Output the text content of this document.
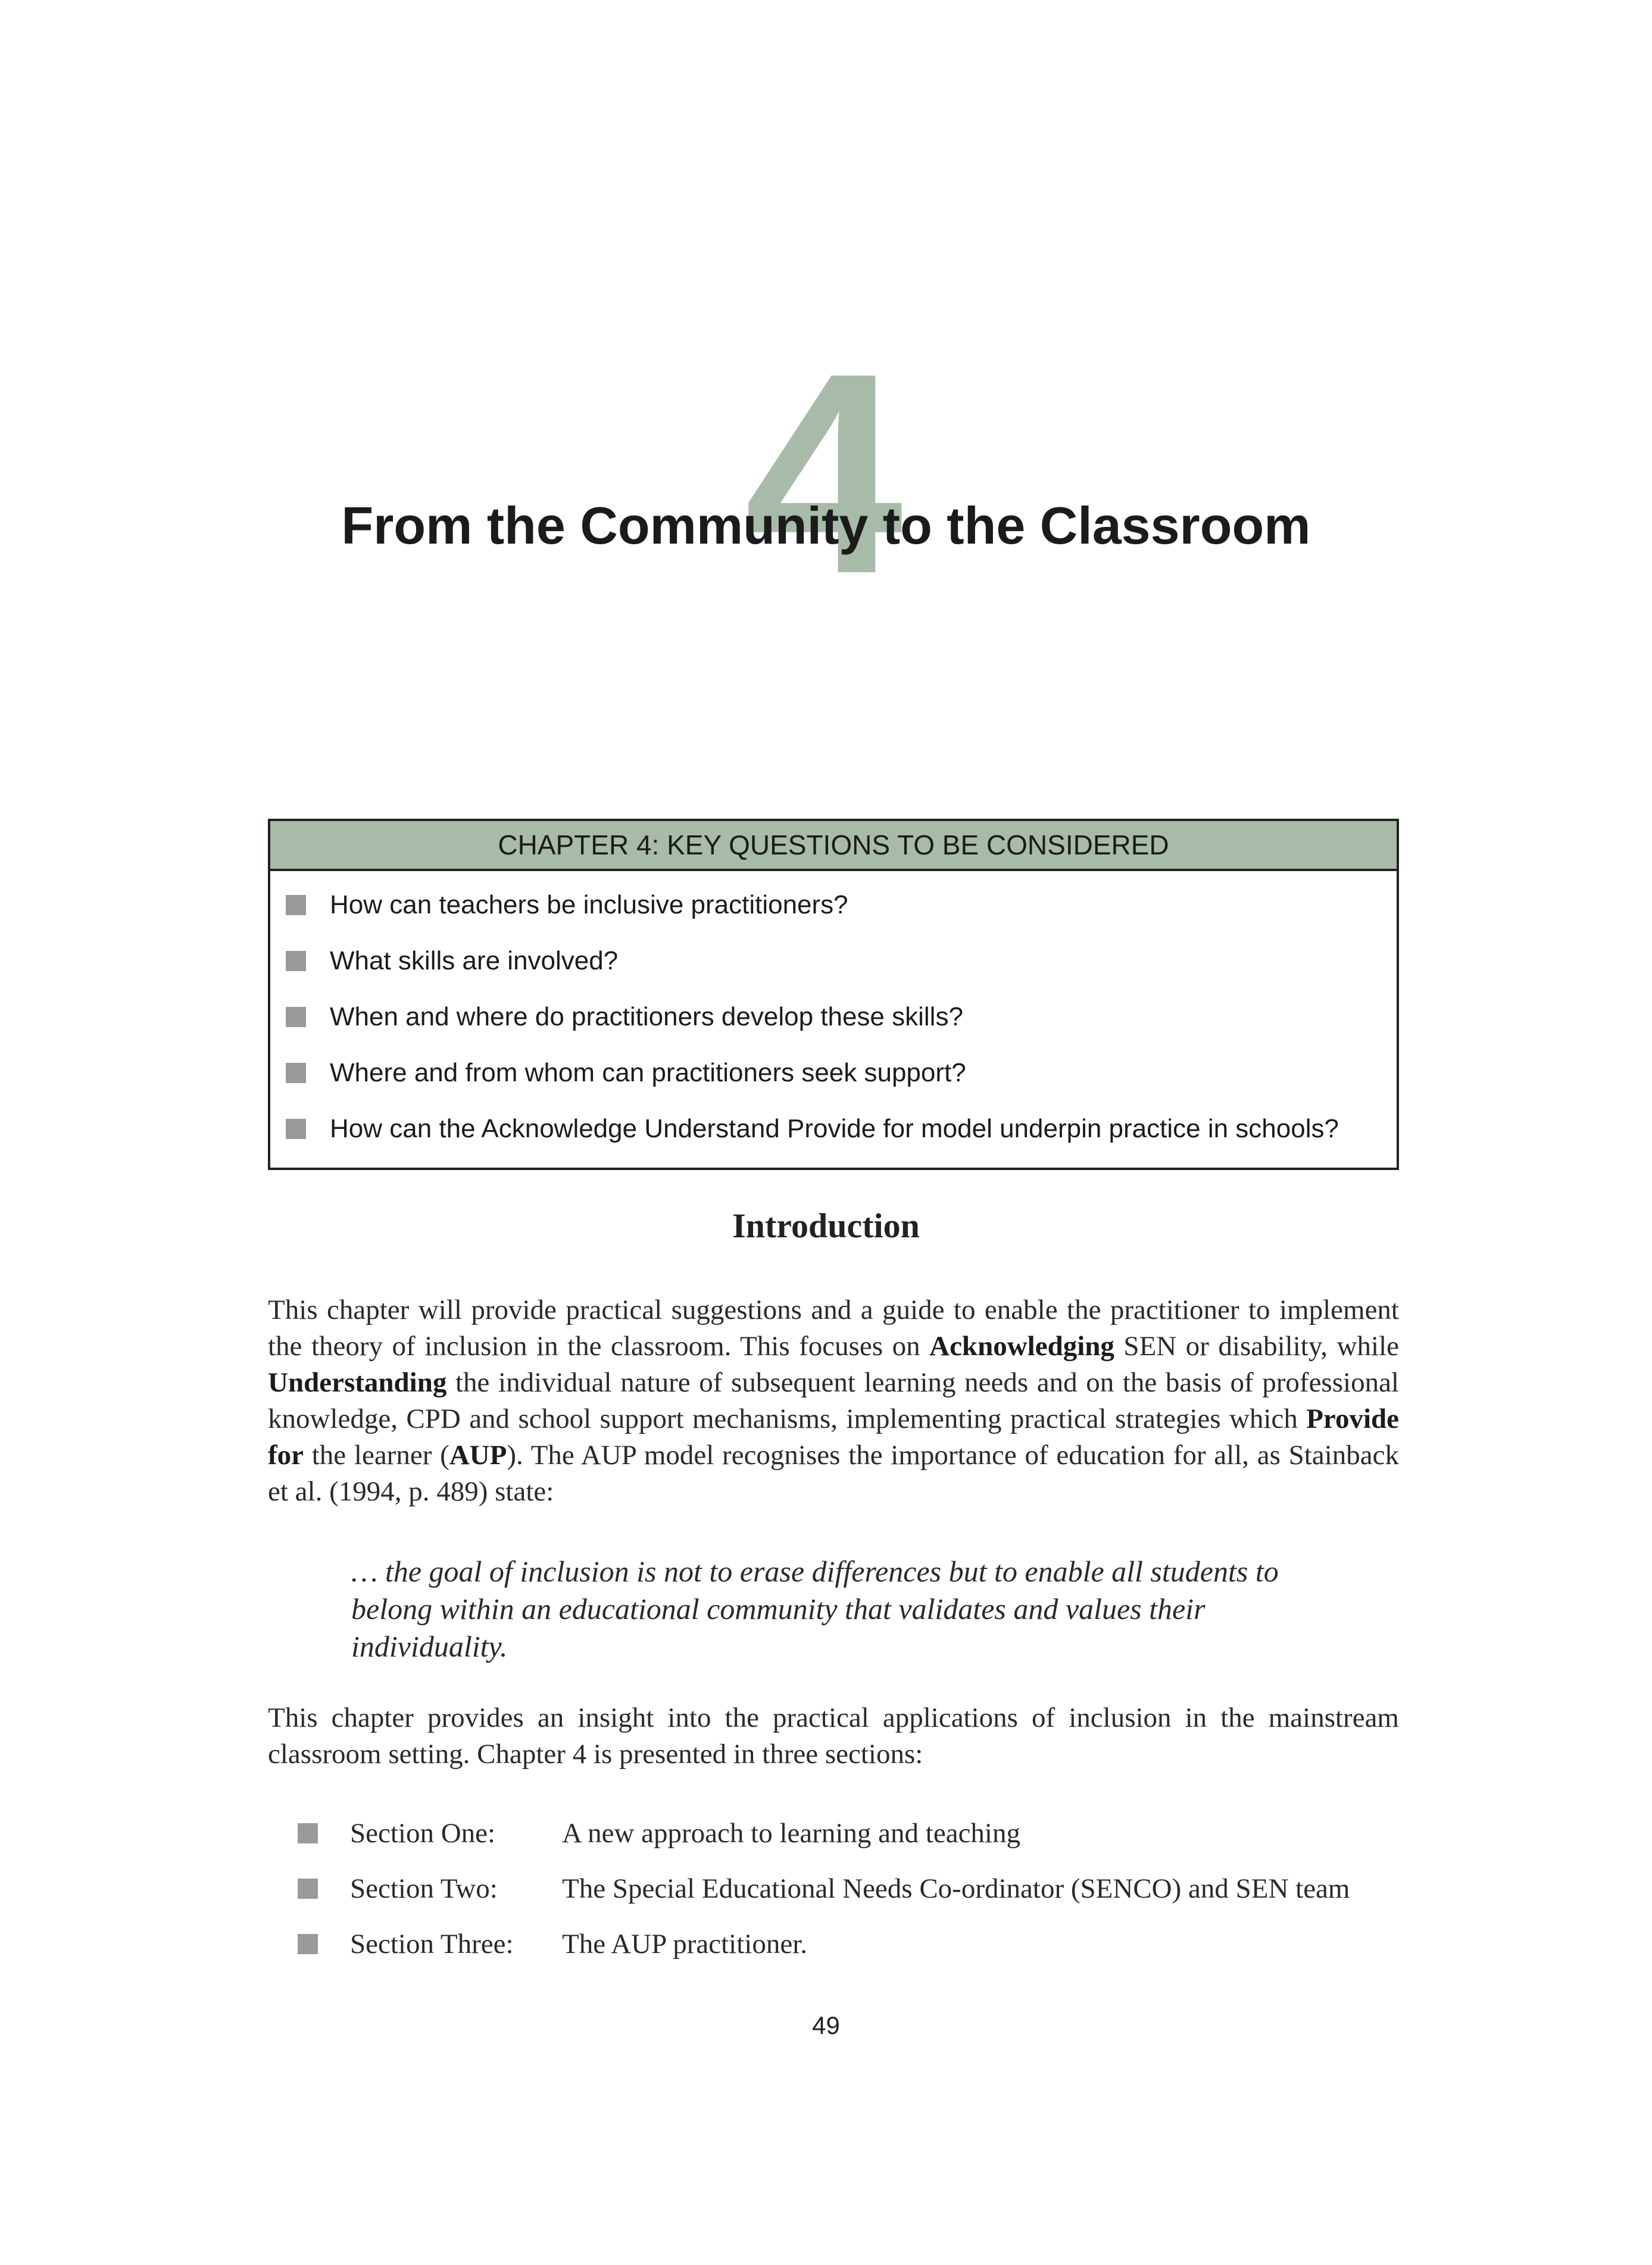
4
From the Community to the Classroom
CHAPTER 4: KEY QUESTIONS TO BE CONSIDERED
How can teachers be inclusive practitioners?
What skills are involved?
When and where do practitioners develop these skills?
Where and from whom can practitioners seek support?
How can the Acknowledge Understand Provide for model underpin practice in schools?
Introduction

This chapter will provide practical suggestions and a guide to enable the practitioner to implement the theory of inclusion in the classroom. This focuses on Acknowledging SEN or disability, while Understanding the individual nature of subsequent learning needs and on the basis of professional knowledge, CPD and school support mechanisms, implementing practical strategies which Provide for the learner (AUP). The AUP model recognises the importance of education for all, as Stainback et al. (1994, p. 489) state:

… the goal of inclusion is not to erase differences but to enable all students to belong within an educational community that validates and values their individuality.

This chapter provides an insight into the practical applications of inclusion in the mainstream classroom setting. Chapter 4 is presented in three sections:

Section One:	A new approach to learning and teaching
Section Two:	The Special Educational Needs Co-ordinator (SENCO) and SEN team
Section Three:	The AUP practitioner.
49
